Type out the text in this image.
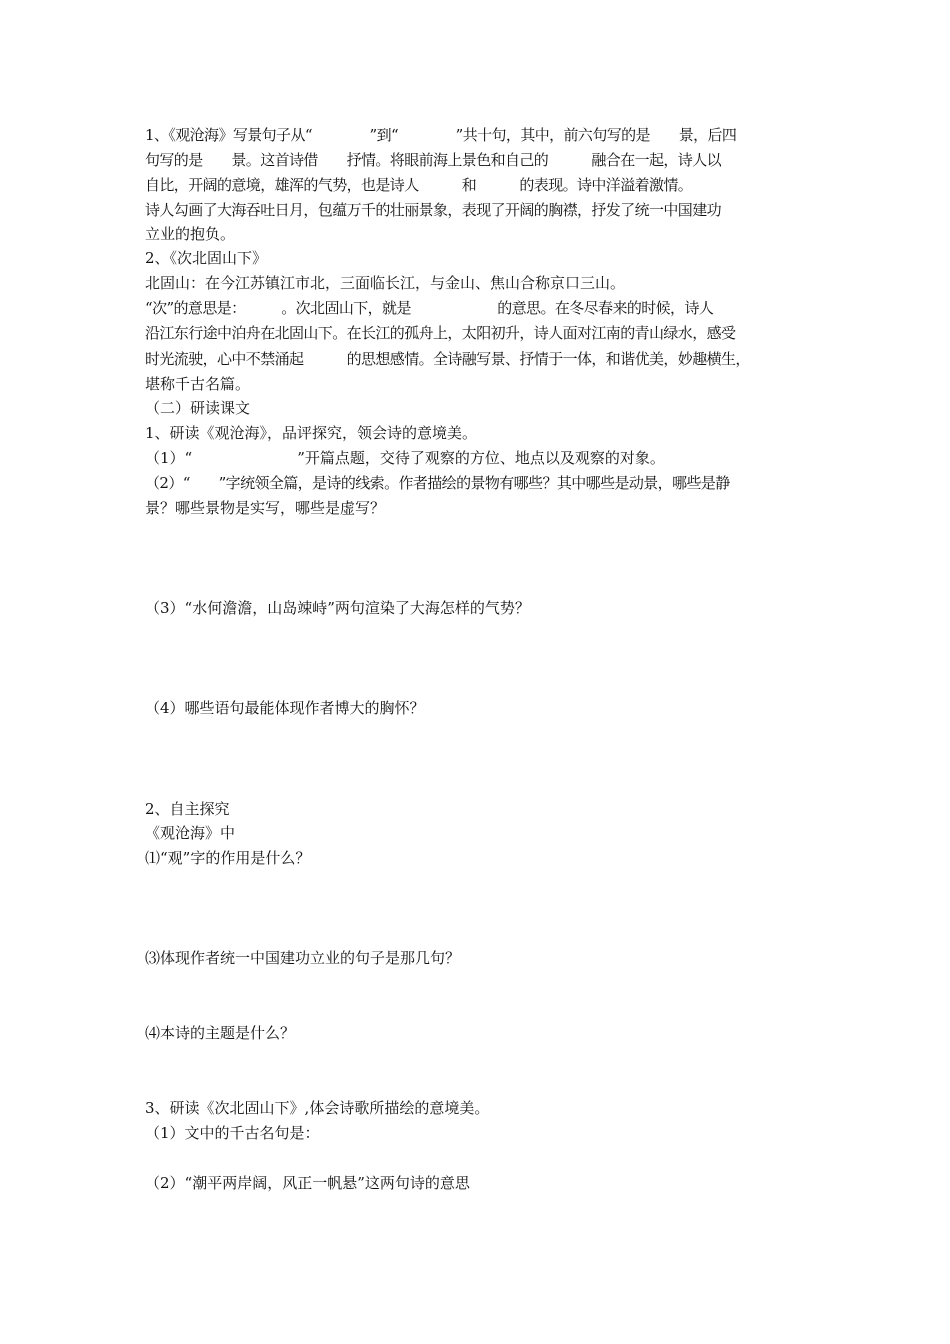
1、《观沧海》写景句子从“　　　　”到“　　　　”共十句，其中，前六句写的是　　景，后四
句写的是　　景。这首诗借　　抒情。将眼前海上景色和自己的　　　融合在一起，诗人以
自比，开阔的意境，雄浑的气势，也是诗人　　　和　　　的表现。诗中洋溢着激情。
诗人勾画了大海吞吐日月，包蕴万千的壮丽景象，表现了开阔的胸襟，抒发了统一中国建功
立业的抱负。
2、《次北固山下》
北固山：在今江苏镇江市北，三面临长江，与金山、焦山合称京口三山。
“次”的意思是：　　　。次北固山下，就是　　　　　　的意思。在冬尽春来的时候，诗人
沿江东行途中泊舟在北固山下。在长江的孤舟上，太阳初升，诗人面对江南的青山绿水，感受
时光流驶，心中不禁涌起　　　的思想感情。全诗融写景、抒情于一体，和谐优美，妙趣横生，
堪称千古名篇。
（二）研读课文
1、研读《观沧海》，品评探究，领会诗的意境美。
（1）“　　　　　　　”开篇点题，交待了观察的方位、地点以及观察的对象。
（2）“　　”字统领全篇，是诗的线索。作者描绘的景物有哪些？其中哪些是动景，哪些是静
景？哪些景物是实写，哪些是虚写？
（3）“水何澹澹，山岛竦峙”两句渲染了大海怎样的气势？
（4）哪些语句最能体现作者博大的胸怀？
2、自主探究
《观沧海》中
⑴“观”字的作用是什么？
⑶体现作者统一中国建功立业的句子是那几句？
⑷本诗的主题是什么？
3、研读《次北固山下》,体会诗歌所描绘的意境美。
（1）文中的千古名句是：
（2）“潮平两岸阔，风正一帆悬”这两句诗的意思
